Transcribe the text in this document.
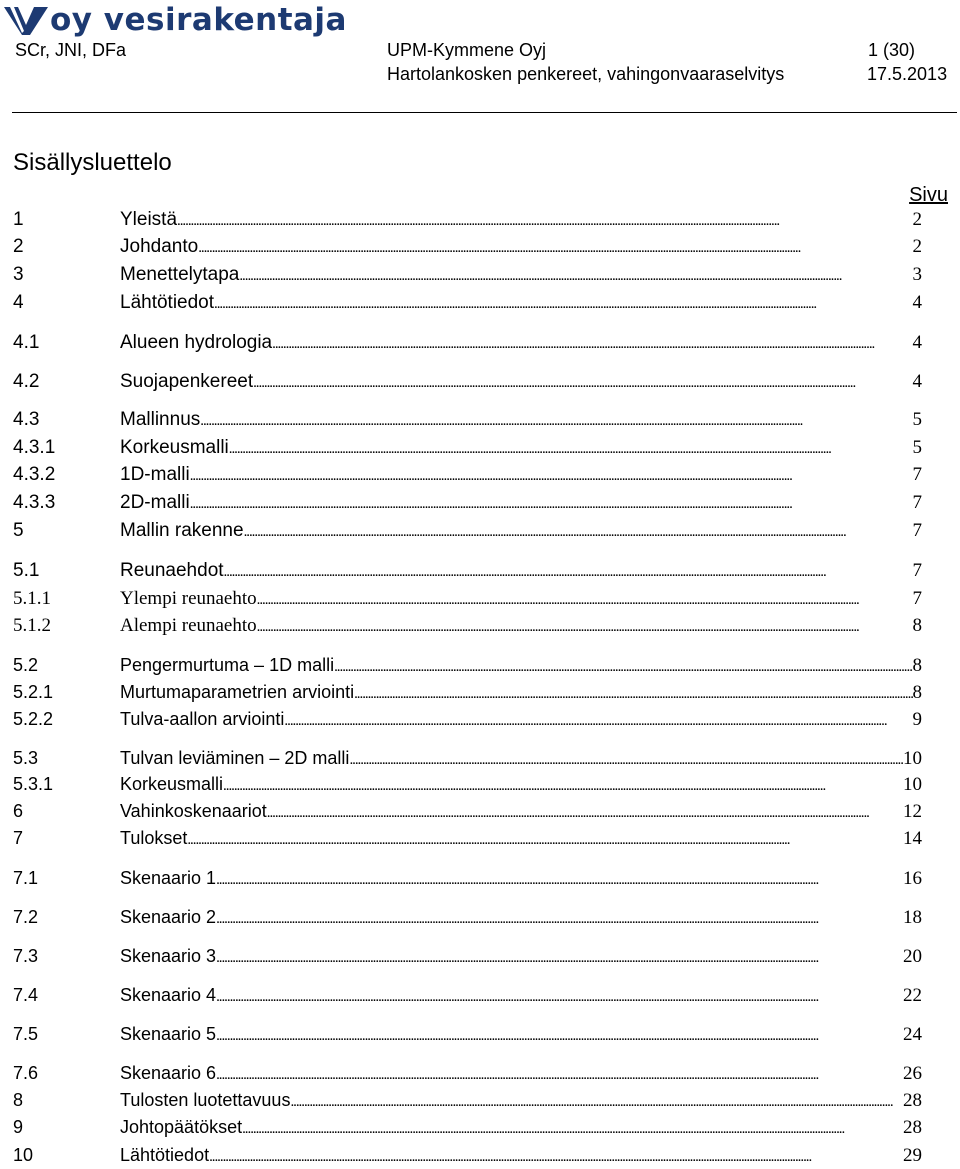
oy vesirakentaja
SCr, JNI, DFa	UPM-Kymmene Oyj	1 (30)
Hartolankosken penkereet, vahingonvaaraselvitys	17.5.2013
Sisällysluettelo
Sivu
1	Yleistä . . .	2
2	Johdanto . . .	2
3	Menettelytapa . . .	3
4	Lähtötiedot . . .	4
4.1	Alueen hydrologia . . .	4
4.2	Suojapenkereet . . .	4
4.3	Mallinnus . . .	5
4.3.1	Korkeusmalli . . .	5
4.3.2	1D-malli . . .	7
4.3.3	2D-malli . . .	7
5	Mallin rakenne . . .	7
5.1	Reunaehdot . . .	7
5.1.1	Ylempi reunaehto . . .	7
5.1.2	Alempi reunaehto . . .	8
5.2	Pengermurtuma – 1D malli . . .	8
5.2.1	Murtumaparametrien arviointi . . .	8
5.2.2	Tulva-aallon arviointi . . .	9
5.3	Tulvan leviäminen – 2D malli . . .	10
5.3.1	Korkeusmalli . . .	10
6	Vahinkoskenaariot . . .	12
7	Tulokset . . .	14
7.1	Skenaario 1 . . .	16
7.2	Skenaario 2 . . .	18
7.3	Skenaario 3 . . .	20
7.4	Skenaario 4 . . .	22
7.5	Skenaario 5 . . .	24
7.6	Skenaario 6 . . .	26
8	Tulosten luotettavuus . . .	28
9	Johtopäätökset . . .	28
10	Lähtötiedot . . .	29
